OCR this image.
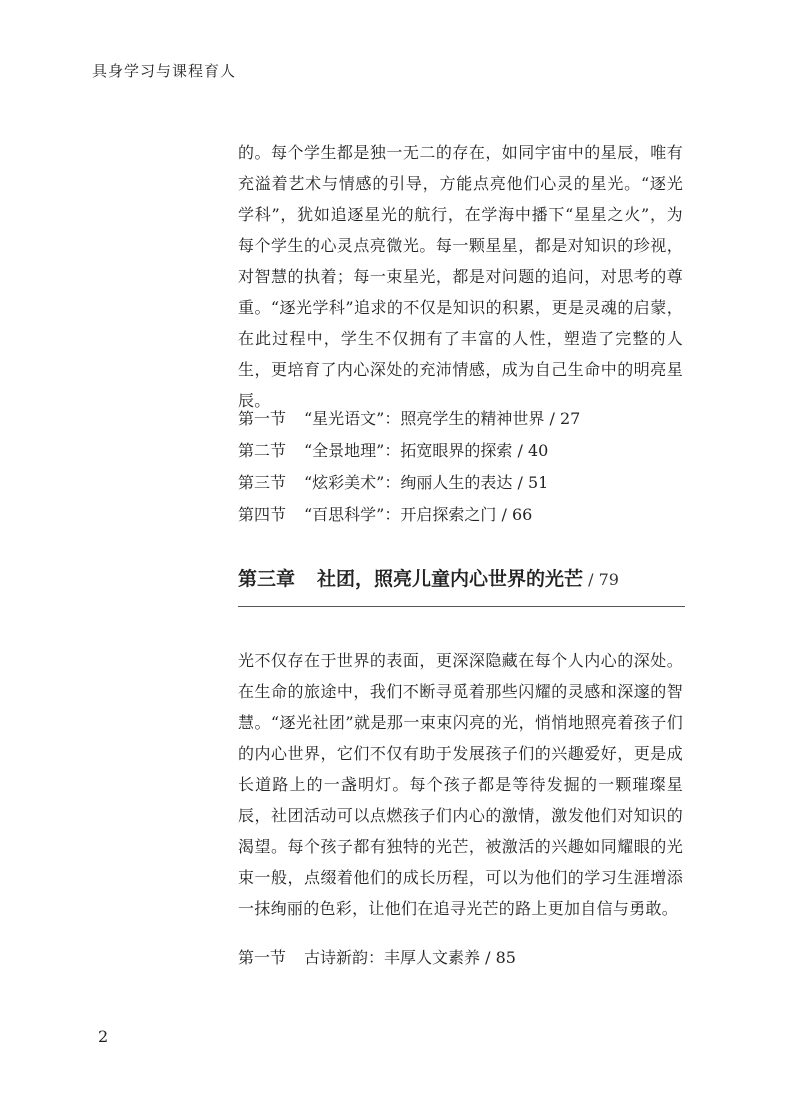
具身学习与课程育人

的。每个学生都是独一无二的存在，如同宇宙中的星辰，唯有充溢着艺术与情感的引导，方能点亮他们心灵的星光。“逐光学科”，犹如追逐星光的航行，在学海中播下“星星之火”，为每个学生的心灵点亮微光。每一颗星星，都是对知识的珍视，对智慧的执着；每一束星光，都是对问题的追问，对思考的尊重。“逐光学科”追求的不仅是知识的积累，更是灵魂的启蒙，在此过程中，学生不仅拥有了丰富的人性，塑造了完整的人生，更培育了内心深处的充沛情感，成为自己生命中的明亮星辰。

第一节 “星光语文”：照亮学生的精神世界 / 27
第二节 “全景地理”：拓宽眼界的探索 / 40
第三节 “炫彩美术”：绚丽人生的表达 / 51
第四节 “百思科学”：开启探索之门 / 66
第三章 社团，照亮儿童内心世界的光芒 / 79

光不仅存在于世界的表面，更深深隐藏在每个人内心的深处。在生命的旅途中，我们不断寻觅着那些闪耀的灵感和深邃的智慧。“逐光社团”就是那一束束闪亮的光，悄悄地照亮着孩子们的内心世界，它们不仅有助于发展孩子们的兴趣爱好，更是成长道路上的一盏明灯。每个孩子都是等待发掘的一颗璀璨星辰，社团活动可以点燃孩子们内心的激情，激发他们对知识的渴望。每个孩子都有独特的光芒，被激活的兴趣如同耀眼的光束一般，点缀着他们的成长历程，可以为他们的学习生涯增添一抹绚丽的色彩，让他们在追寻光芒的路上更加自信与勇敢。

第一节 古诗新韵：丰厚人文素养 / 85
2
